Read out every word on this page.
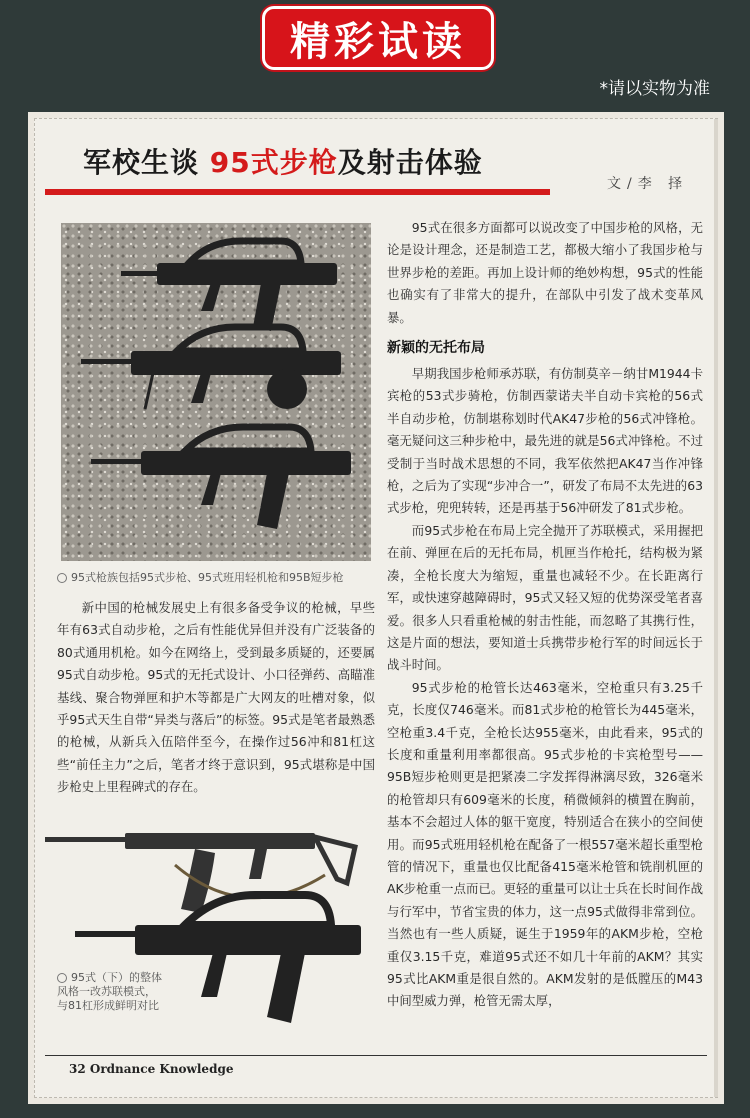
精彩试读
*请以实物为准
军校生谈 95式步枪及射击体验
文/李 择
95式枪族包括95式步枪、95式班用轻机枪和95B短步枪

新中国的枪械发展史上有很多备受争议的枪械，早些年有63式自动步枪，之后有性能优异但并没有广泛装备的80式通用机枪。如今在网络上，受到最多质疑的，还要属95式自动步枪。95式的无托式设计、小口径弹药、高瞄准基线、聚合物弹匣和护木等都是广大网友的吐槽对象，似乎95式天生自带“异类与落后”的标签。95式是笔者最熟悉的枪械，从新兵入伍陪伴至今，在操作过56冲和81杠这些“前任主力”之后，笔者才终于意识到，95式堪称是中国步枪史上里程碑式的存在。

95式（下）的整体风格一改苏联模式，与81杠形成鲜明对比

95式在很多方面都可以说改变了中国步枪的风格，无论是设计理念，还是制造工艺，都极大缩小了我国步枪与世界步枪的差距。再加上设计师的绝妙构想，95式的性能也确实有了非常大的提升，在部队中引发了战术变革风暴。

新颖的无托布局

早期我国步枪师承苏联，有仿制莫辛－纳甘M1944卡宾枪的53式步骑枪，仿制西蒙诺夫半自动卡宾枪的56式半自动步枪，仿制堪称划时代AK47步枪的56式冲锋枪。毫无疑问这三种步枪中，最先进的就是56式冲锋枪。不过受制于当时战术思想的不同，我军依然把AK47当作冲锋枪，之后为了实现“步冲合一”，研发了布局不太先进的63式步枪，兜兜转转，还是再基于56冲研发了81式步枪。

而95式步枪在布局上完全抛开了苏联模式，采用握把在前、弹匣在后的无托布局，机匣当作枪托，结构极为紧凑，全枪长度大为缩短，重量也减轻不少。在长距离行军，或快速穿越障碍时，95式又轻又短的优势深受笔者喜爱。很多人只看重枪械的射击性能，而忽略了其携行性，这是片面的想法，要知道士兵携带步枪行军的时间远长于战斗时间。

95式步枪的枪管长达463毫米，空枪重只有3.25千克，长度仅746毫米。而81式步枪的枪管长为445毫米，空枪重3.4千克，全枪长达955毫米，由此看来，95式的长度和重量利用率都很高。95式步枪的卡宾枪型号——95B短步枪则更是把紧凑二字发挥得淋漓尽致，326毫米的枪管却只有609毫米的长度，稍微倾斜的横置在胸前，基本不会超过人体的躯干宽度，特别适合在狭小的空间使用。而95式班用轻机枪在配备了一根557毫米超长重型枪管的情况下，重量也仅比配备415毫米枪管和铣削机匣的AK步枪重一点而已。更轻的重量可以让士兵在长时间作战与行军中，节省宝贵的体力，这一点95式做得非常到位。当然也有一些人质疑，诞生于1959年的AKM步枪，空枪重仅3.15千克，难道95式还不如几十年前的AKM？其实95式比AKM重是很自然的。AKM发射的是低膛压的M43中间型威力弹，枪管无需太厚，

32 Ordnance Knowledge
